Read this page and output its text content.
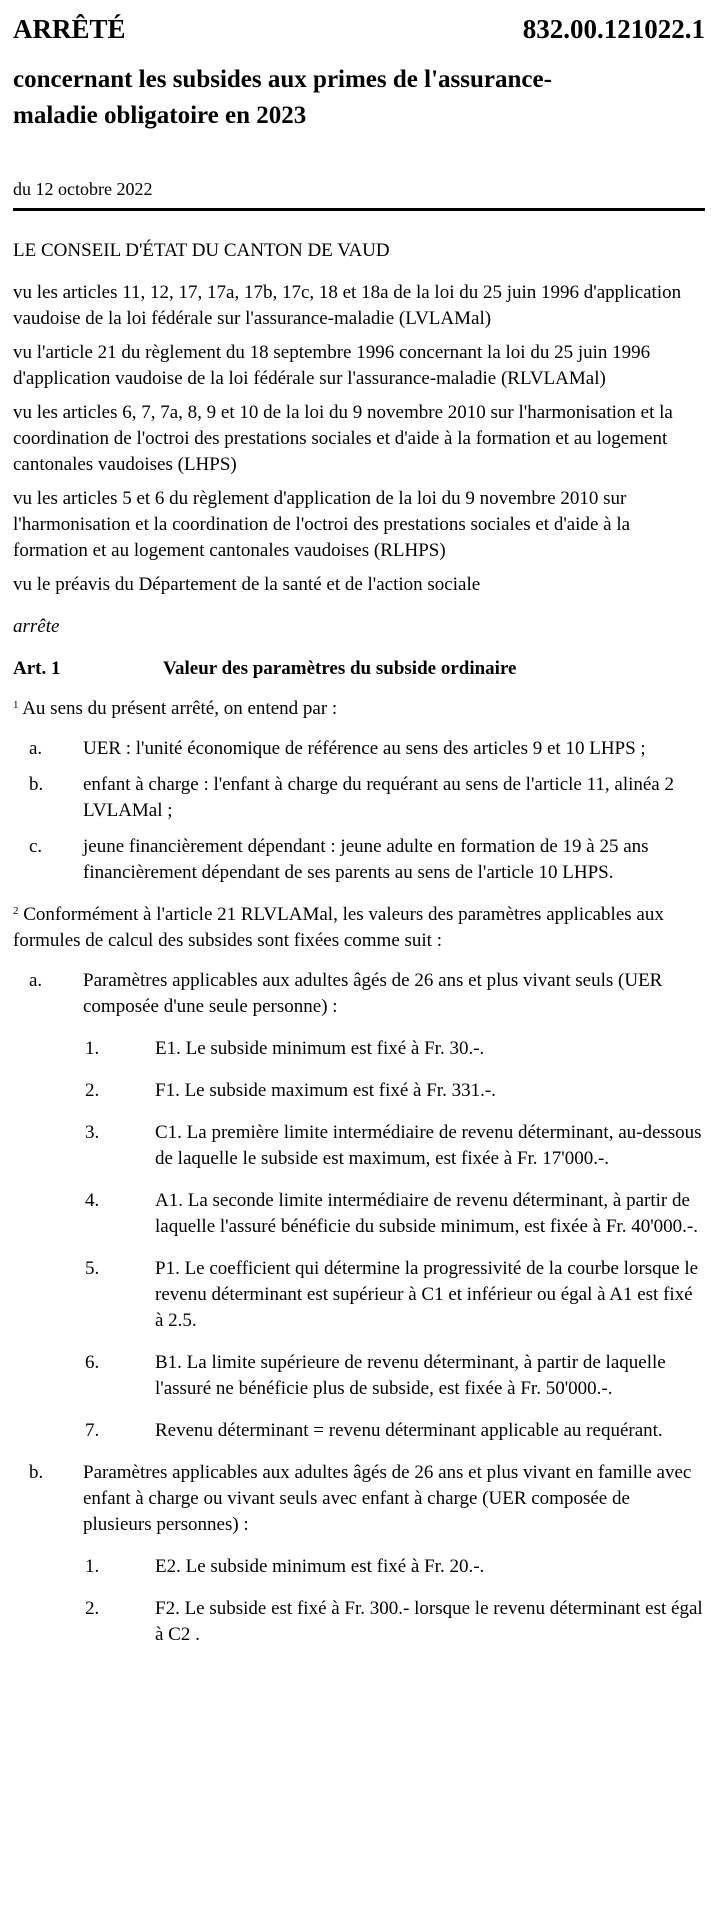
ARRÊTÉ	832.00.121022.1
concernant les subsides aux primes de l'assurance-
maladie obligatoire en 2023
du 12 octobre 2022

LE CONSEIL D'ÉTAT DU CANTON DE VAUD

vu les articles 11, 12, 17, 17a, 17b, 17c, 18 et 18a de la loi du 25 juin 1996 d'application vaudoise de la loi fédérale sur l'assurance-maladie (LVLAMal)

vu l'article 21 du règlement du 18 septembre 1996 concernant la loi du 25 juin 1996 d'application vaudoise de la loi fédérale sur l'assurance-maladie (RLVLAMal)

vu les articles 6, 7, 7a, 8, 9 et 10 de la loi du 9 novembre 2010 sur l'harmonisation et la coordination de l'octroi des prestations sociales et d'aide à la formation et au logement cantonales vaudoises (LHPS)

vu les articles 5 et 6 du règlement d'application de la loi du 9 novembre 2010 sur l'harmonisation et la coordination de l'octroi des prestations sociales et d'aide à la formation et au logement cantonales vaudoises (RLHPS)

vu le préavis du Département de la santé et de l'action sociale

arrête

Art. 1	Valeur des paramètres du subside ordinaire

$^1$ Au sens du présent arrêté, on entend par :

a. UER : l'unité économique de référence au sens des articles 9 et 10 LHPS ;
b. enfant à charge : l'enfant à charge du requérant au sens de l'article 11, alinéa 2 LVLAMal ;
c. jeune financièrement dépendant : jeune adulte en formation de 19 à 25 ans financièrement dépendant de ses parents au sens de l'article 10 LHPS.

$^2$ Conformément à l'article 21 RLVLAMal, les valeurs des paramètres applicables aux formules de calcul des subsides sont fixées comme suit :

a. Paramètres applicables aux adultes âgés de 26 ans et plus vivant seuls (UER composée d'une seule personne) :
1.	E1. Le subside minimum est fixé à Fr. 30.-.
2.	F1. Le subside maximum est fixé à Fr. 331.-.
3.	C1. La première limite intermédiaire de revenu déterminant, au-dessous de laquelle le subside est maximum, est fixée à Fr. 17'000.-.
4.	A1. La seconde limite intermédiaire de revenu déterminant, à partir de laquelle l'assuré bénéficie du subside minimum, est fixée à Fr. 40'000.-.
5.	P1. Le coefficient qui détermine la progressivité de la courbe lorsque le revenu déterminant est supérieur à C1 et inférieur ou égal à A1 est fixé à 2.5.
6.	B1. La limite supérieure de revenu déterminant, à partir de laquelle l'assuré ne bénéficie plus de subside, est fixée à Fr. 50'000.-.
7.	Revenu déterminant = revenu déterminant applicable au requérant.
b. Paramètres applicables aux adultes âgés de 26 ans et plus vivant en famille avec enfant à charge ou vivant seuls avec enfant à charge (UER composée de plusieurs personnes) :
1.	E2. Le subside minimum est fixé à Fr. 20.-.
2.	F2. Le subside est fixé à Fr. 300.- lorsque le revenu déterminant est égal à C2 .
